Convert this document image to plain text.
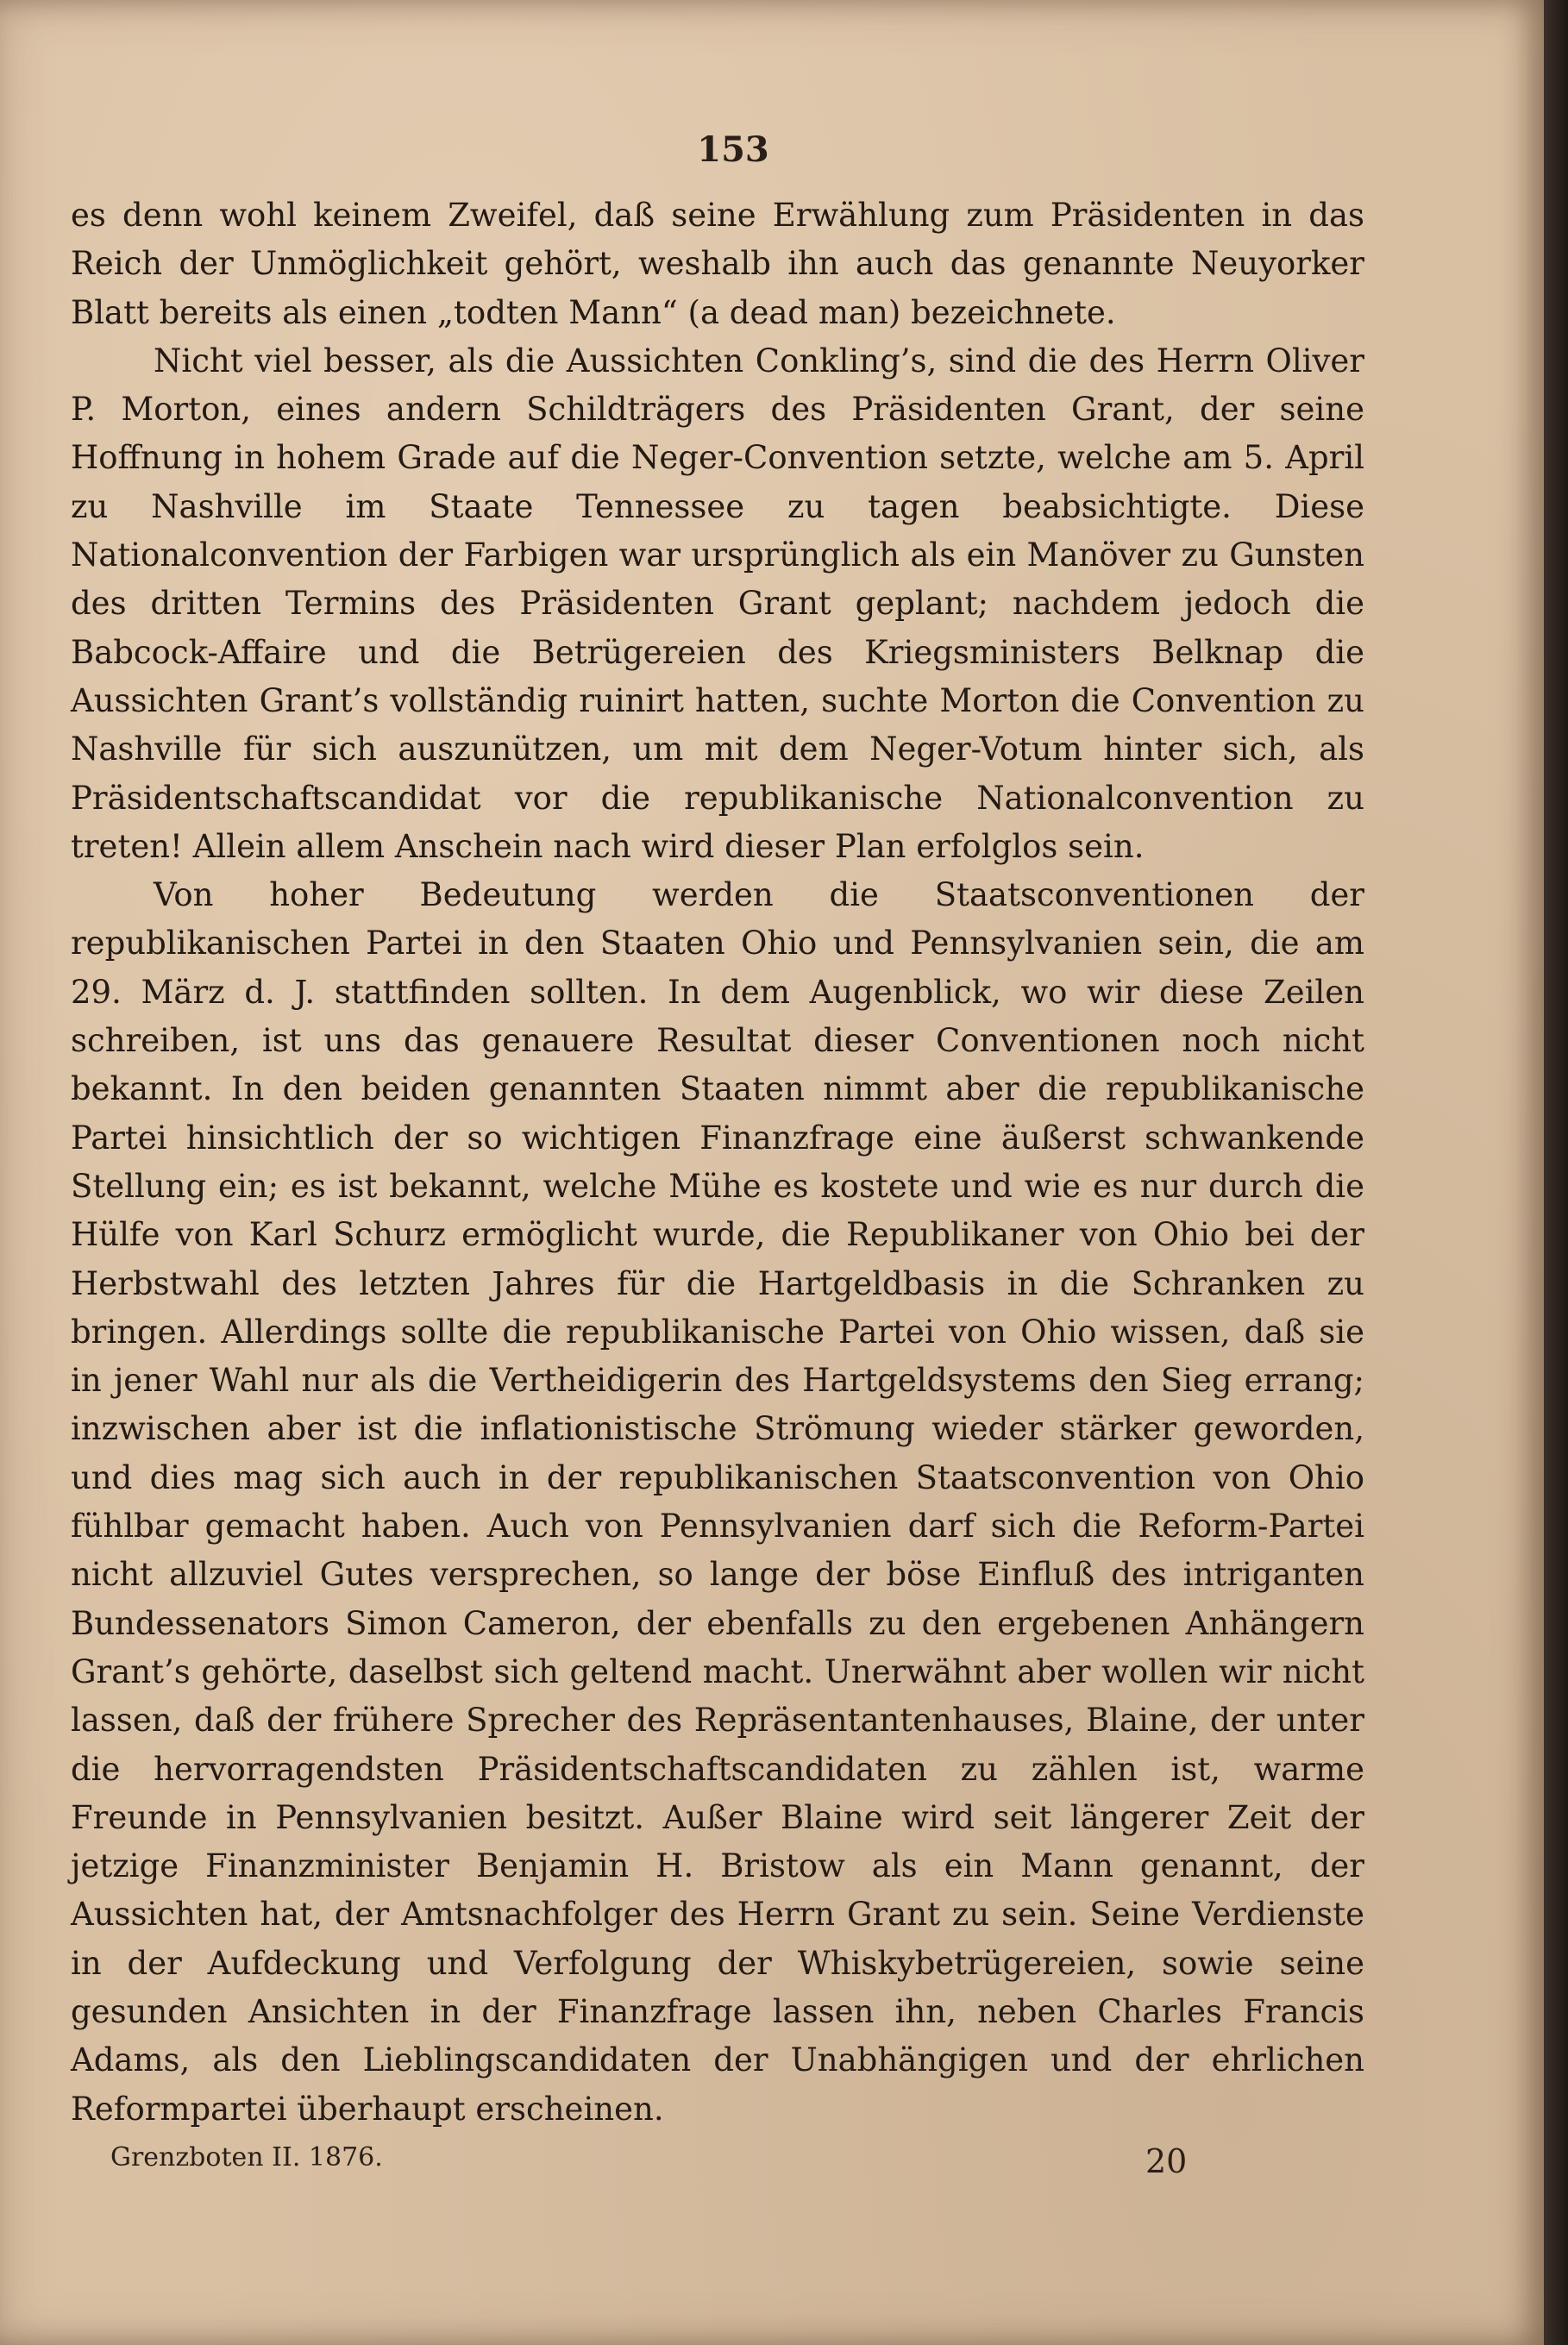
153

es denn wohl keinem Zweifel, daß seine Erwählung zum Präsidenten in das Reich der Unmöglichkeit gehört, weshalb ihn auch das genannte Neuyorker Blatt bereits als einen „todten Mann“ (a dead man) bezeichnete.

Nicht viel besser, als die Aussichten Conkling’s, sind die des Herrn Oliver P. Morton, eines andern Schildträgers des Präsidenten Grant, der seine Hoffnung in hohem Grade auf die Neger-Convention setzte, welche am 5. April zu Nashville im Staate Tennessee zu tagen beabsichtigte. Diese Nationalconvention der Farbigen war ursprünglich als ein Manöver zu Gunsten des dritten Termins des Präsidenten Grant geplant; nachdem jedoch die Babcock-Affaire und die Betrügereien des Kriegsministers Belknap die Aussichten Grant’s vollständig ruinirt hatten, suchte Morton die Convention zu Nashville für sich auszunützen, um mit dem Neger-Votum hinter sich, als Präsidentschaftscandidat vor die republikanische Nationalconvention zu treten! Allein allem Anschein nach wird dieser Plan erfolglos sein.

Von hoher Bedeutung werden die Staatsconventionen der republikanischen Partei in den Staaten Ohio und Pennsylvanien sein, die am 29. März d. J. stattfinden sollten. In dem Augenblick, wo wir diese Zeilen schreiben, ist uns das genauere Resultat dieser Conventionen noch nicht bekannt. In den beiden genannten Staaten nimmt aber die republikanische Partei hinsichtlich der so wichtigen Finanzfrage eine äußerst schwankende Stellung ein; es ist bekannt, welche Mühe es kostete und wie es nur durch die Hülfe von Karl Schurz ermöglicht wurde, die Republikaner von Ohio bei der Herbstwahl des letzten Jahres für die Hartgeldbasis in die Schranken zu bringen. Allerdings sollte die republikanische Partei von Ohio wissen, daß sie in jener Wahl nur als die Vertheidigerin des Hartgeldsystems den Sieg errang; inzwischen aber ist die inflationistische Strömung wieder stärker geworden, und dies mag sich auch in der republikanischen Staatsconvention von Ohio fühlbar gemacht haben. Auch von Pennsylvanien darf sich die Reform-Partei nicht allzuviel Gutes versprechen, so lange der böse Einfluß des intriganten Bundessenators Simon Cameron, der ebenfalls zu den ergebenen Anhängern Grant’s gehörte, daselbst sich geltend macht. Unerwähnt aber wollen wir nicht lassen, daß der frühere Sprecher des Repräsentantenhauses, Blaine, der unter die hervorragendsten Präsidentschaftscandidaten zu zählen ist, warme Freunde in Pennsylvanien besitzt. Außer Blaine wird seit längerer Zeit der jetzige Finanzminister Benjamin H. Bristow als ein Mann genannt, der Aussichten hat, der Amtsnachfolger des Herrn Grant zu sein. Seine Verdienste in der Aufdeckung und Verfolgung der Whiskybetrügereien, sowie seine gesunden Ansichten in der Finanzfrage lassen ihn, neben Charles Francis Adams, als den Lieblingscandidaten der Unabhängigen und der ehrlichen Reformpartei überhaupt erscheinen.

Grenzboten II. 1876.	20
